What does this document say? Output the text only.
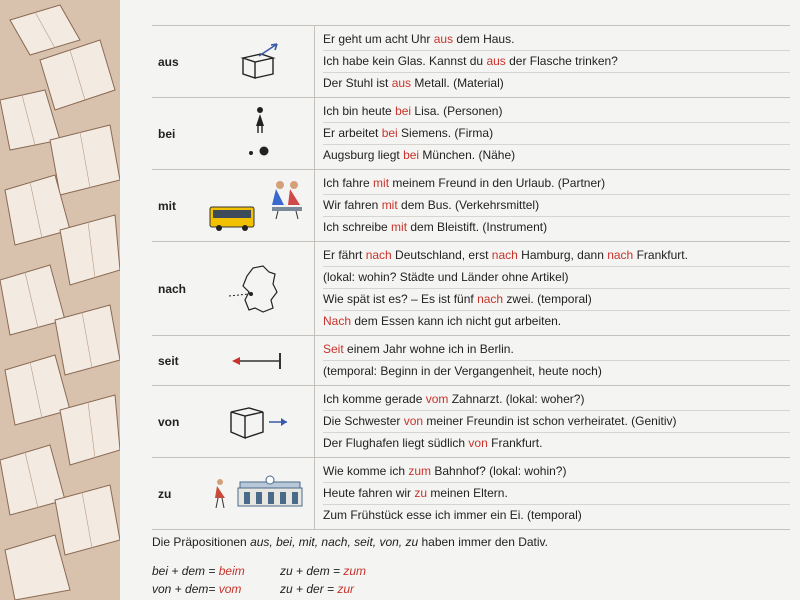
aus
Er geht um acht Uhr aus dem Haus.
Ich habe kein Glas. Kannst du aus der Flasche trinken?
Der Stuhl ist aus Metall. (Material)
bei
Ich bin heute bei Lisa. (Personen)
Er arbeitet bei Siemens. (Firma)
Augsburg liegt bei München. (Nähe)
mit
Ich fahre mit meinem Freund in den Urlaub. (Partner)
Wir fahren mit dem Bus. (Verkehrsmittel)
Ich schreibe mit dem Bleistift. (Instrument)
nach
Er fährt nach Deutschland, erst nach Hamburg, dann nach Frankfurt.
(lokal: wohin? Städte und Länder ohne Artikel)
Wie spät ist es? – Es ist fünf nach zwei. (temporal)
Nach dem Essen kann ich nicht gut arbeiten.
seit
Seit einem Jahr wohne ich in Berlin.
(temporal: Beginn in der Vergangenheit, heute noch)
von
Ich komme gerade vom Zahnarzt. (lokal: woher?)
Die Schwester von meiner Freundin ist schon verheiratet. (Genitiv)
Der Flughafen liegt südlich von Frankfurt.
zu
Wie komme ich zum Bahnhof? (lokal: wohin?)
Heute fahren wir zu meinen Eltern.
Zum Frühstück esse ich immer ein Ei. (temporal)
Die Präpositionen aus, bei, mit, nach, seit, von, zu haben immer den Dativ.
bei + dem = beim	zu + dem = zum
von + dem= vom	zu + der = zur
